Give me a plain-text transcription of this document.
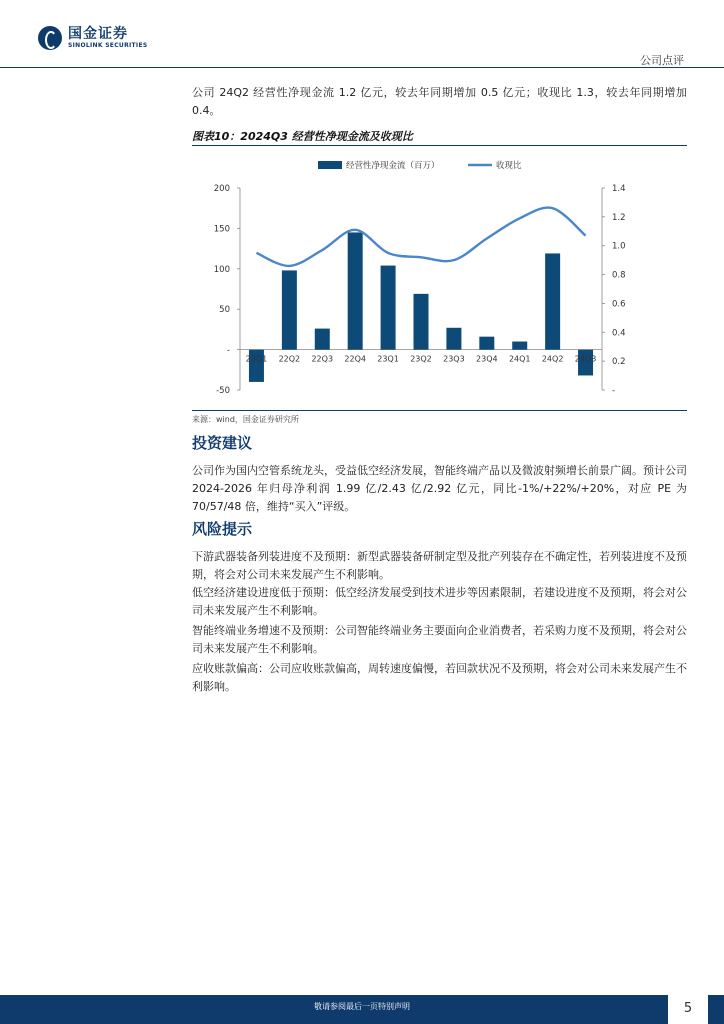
国金证券
SINOLINK SECURITIES
公司点评
公司 24Q2 经营性净现金流 1.2 亿元，较去年同期增加 0.5 亿元；收现比 1.3，较去年同期增加 0.4。
图表10：2024Q3 经营性净现金流及收现比
200
150
100
50
-
-50
1.4
1.2
1.0
0.8
0.6
0.4
0.2
-
23Q1 22Q2 22Q3 22Q4 23Q1 23Q2 23Q3 23Q4 24Q1 24Q2 24Q3
经营性净现金流（百万）	收现比
来源：wind，国金证券研究所
投资建议
公司作为国内空管系统龙头，受益低空经济发展，智能终端产品以及微波射频增长前景广阔。预计公司 2024-2026 年归母净利润 1.99 亿/2.43 亿/2.92 亿元，同比-1%/+22%/+20%，对应 PE 为 70/57/48 倍，维持“买入”评级。
风险提示
下游武器装备列装进度不及预期：新型武器装备研制定型及批产列装存在不确定性，若列装进度不及预期，将会对公司未来发展产生不利影响。
低空经济建设进度低于预期：低空经济发展受到技术进步等因素限制，若建设进度不及预期，将会对公司未来发展产生不利影响。
智能终端业务增速不及预期：公司智能终端业务主要面向企业消费者，若采购力度不及预期，将会对公司未来发展产生不利影响。
应收账款偏高：公司应收账款偏高，周转速度偏慢，若回款状况不及预期，将会对公司未来发展产生不利影响。
敬请参阅最后一页特别声明	5
